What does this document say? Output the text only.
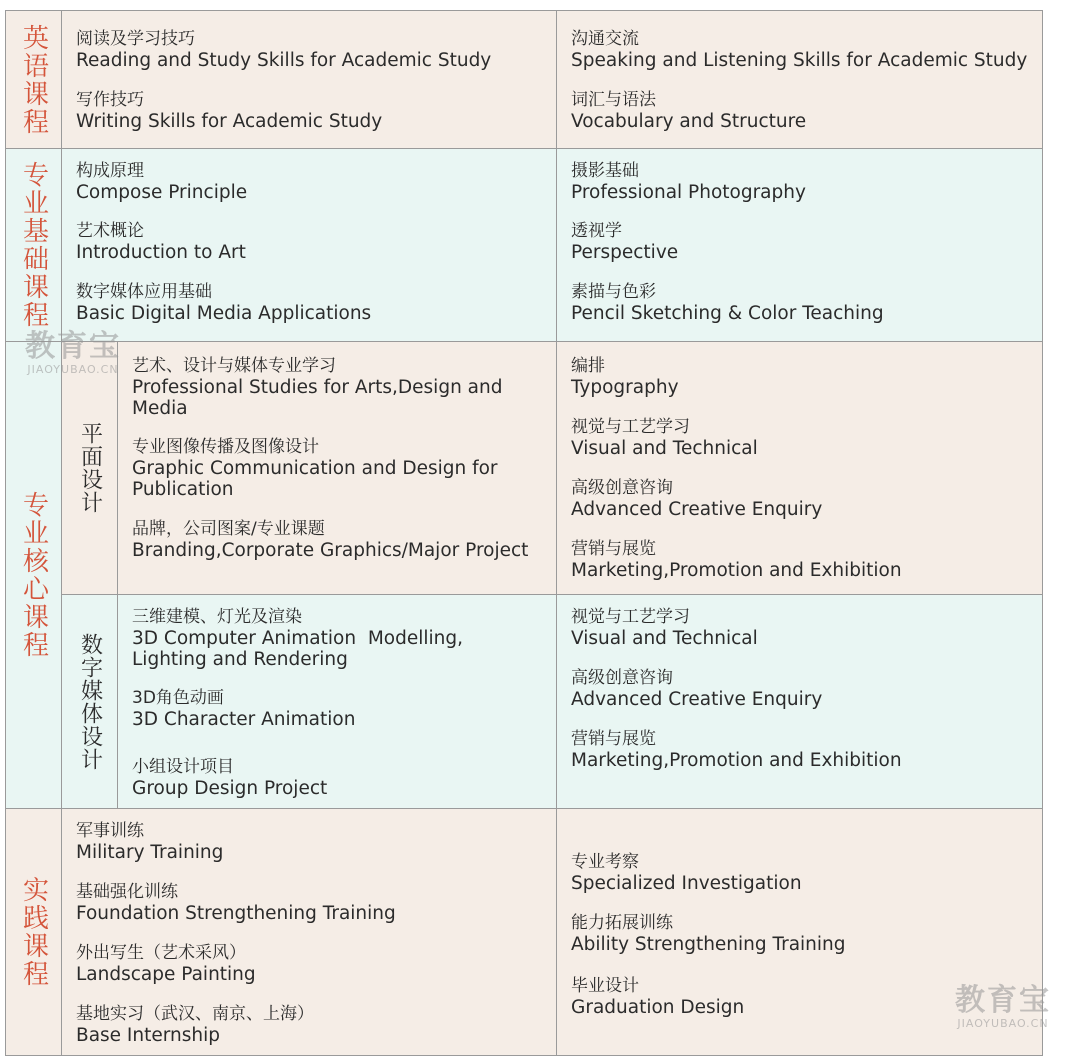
英语课程 阅读及学习技巧
Reading and Study Skills for Academic Study
写作技巧
Writing Skills for Academic Study
沟通交流
Speaking and Listening Skills for Academic Study
词汇与语法
Vocabulary and Structure
专业基础课程 构成原理
Compose Principle
艺术概论
Introduction to Art
数字媒体应用基础
Basic Digital Media Applications
摄影基础
Professional Photography
透视学
Perspective
素描与色彩
Pencil Sketching & Color Teaching
专业核心课程
平面设计
艺术、设计与媒体专业学习
Professional Studies for Arts,Design and Media
专业图像传播及图像设计
Graphic Communication and Design for Publication
品牌，公司图案/专业课题
Branding,Corporate Graphics/Major Project
编排
Typography
视觉与工艺学习
Visual and Technical
高级创意咨询
Advanced Creative Enquiry
营销与展览
Marketing,Promotion and Exhibition
数字媒体设计
三维建模、灯光及渲染
3D Computer Animation  Modelling,
Lighting and Rendering
3D角色动画
3D Character Animation
小组设计项目
Group Design Project
视觉与工艺学习
Visual and Technical
高级创意咨询
Advanced Creative Enquiry
营销与展览
Marketing,Promotion and Exhibition
实践课程
军事训练
Military Training
基础强化训练
Foundation Strengthening Training
外出写生（艺术采风）
Landscape Painting
基地实习（武汉、南京、上海）
Base Internship
专业考察
Specialized Investigation
能力拓展训练
Ability Strengthening Training
毕业设计
Graduation Design
教育宝
JIAOYUBAO.CN
教育宝
JIAOYUBAO.CN
